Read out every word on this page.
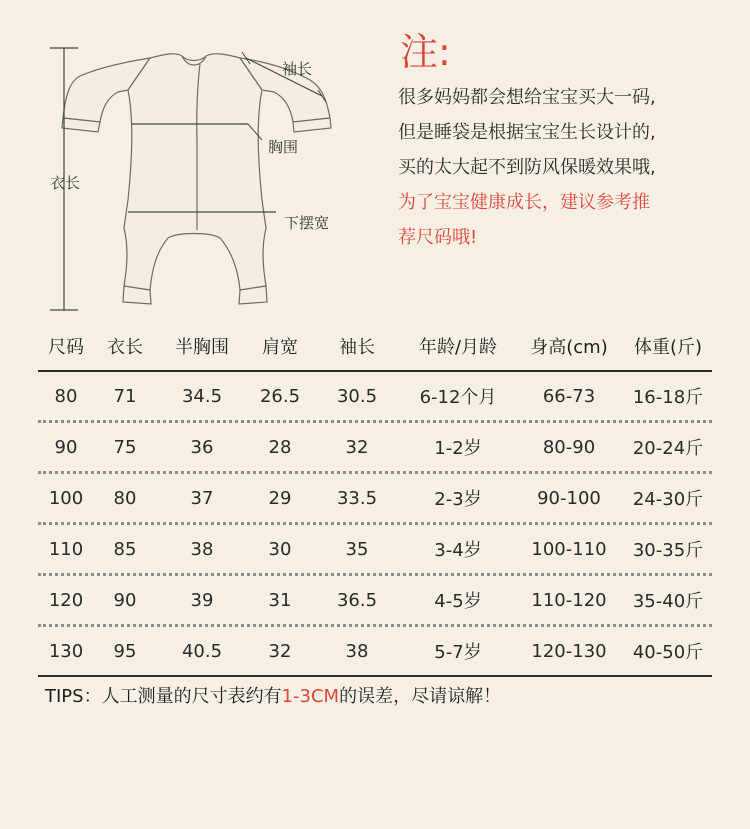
袖长
胸围
衣长
下摆宽
注:
很多妈妈都会想给宝宝买大一码,
但是睡袋是根据宝宝生长设计的,
买的太大起不到防风保暖效果哦,
为了宝宝健康成长，建议参考推
荐尺码哦!
尺码	衣长	半胸围	肩宽	袖长	年龄/月龄	身高(cm)	体重(斤)
80	71	34.5	26.5	30.5	6-12个月	66-73	16-18斤
90	75	36	28	32	1-2岁	80-90	20-24斤
100	80	37	29	33.5	2-3岁	90-100	24-30斤
110	85	38	30	35	3-4岁	100-110	30-35斤
120	90	39	31	36.5	4-5岁	110-120	35-40斤
130	95	40.5	32	38	5-7岁	120-130	40-50斤
TIPS：人工测量的尺寸表约有1-3CM的误差，尽请谅解！
